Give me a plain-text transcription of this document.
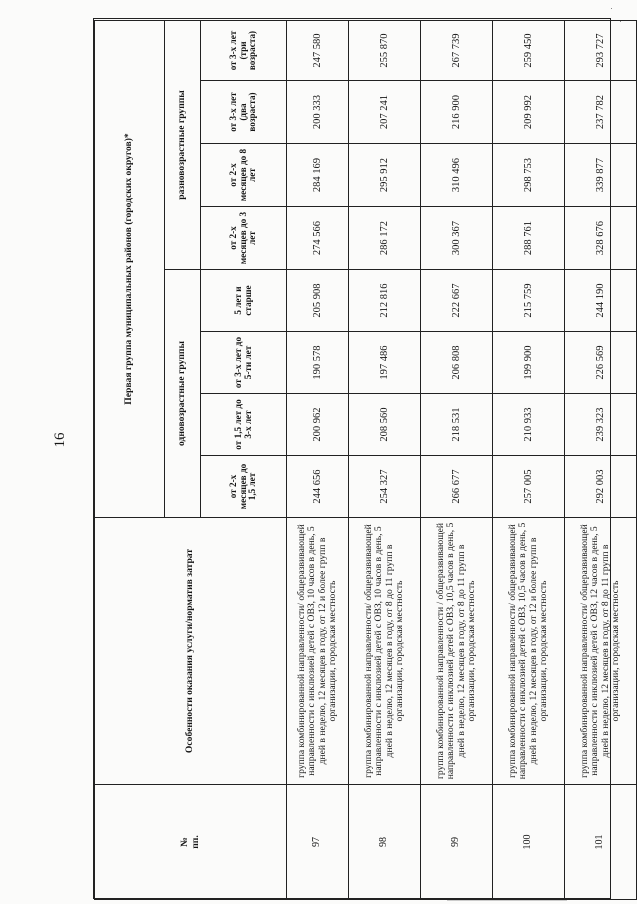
16
№
пп.	Особенности оказания услуги/норматив затрат	Первая группа муниципальных районов (городских округов)*							
		одновозрастные группы				разновозрастные группы			
		от 2-х месяцев до 1,5 лет	от 1,5 лет до 3-х лет	от 3-х лет до 5-ти лет	5 лет и старше	от 2-х месяцев до 3 лет	от 2-х месяцев до 8 лет	от 3-х лет (два возраста)	от 3-х лет (три возраста)
97	группа комбинированной направленности/ общеразвивающей направленности с инклюзией детей с ОВЗ, 10 часов в день, 5 дней в неделю, 12 месяцев в году, от 12 и более групп в организации, городская местность	244 656	200 962	190 578	205 908	274 566	284 169	200 333	247 580
98	группа комбинированной направленности/ общеразвивающей направленности с инклюзией детей с ОВЗ, 10 часов в день, 5 дней в неделю, 12 месяцев в году, от 8 до 11 групп в организации, городская местность	254 327	208 560	197 486	212 816	286 172	295 912	207 241	255 870
99	группа комбинированной направленности / общеразвивающей направленности с инклюзией детей с ОВЗ, 10,5 часов в день, 5 дней в неделю, 12 месяцев в году, от 8 до 11 групп в организации, городская местность	266 677	218 531	206 808	222 667	300 367	310 496	216 900	267 739
100	группа комбинированной направленности/ общеразвивающей направленности с инклюзией детей с ОВЗ, 10,5 часов в день, 5 дней в неделю, 12 месяцев в году, от 12 и более групп в организации, городская местность	257 005	210 933	199 900	215 759	288 761	298 753	209 992	259 450
101	группа комбинированной направленности/ общеразвивающей направленности с инклюзией детей с ОВЗ, 12 часов в день, 5 дней в неделю, 12 месяцев в году, от 8 до 11 групп в организации, городская местность	292 003	239 323	226 569	244 190	328 676	339 877	237 782	293 727
